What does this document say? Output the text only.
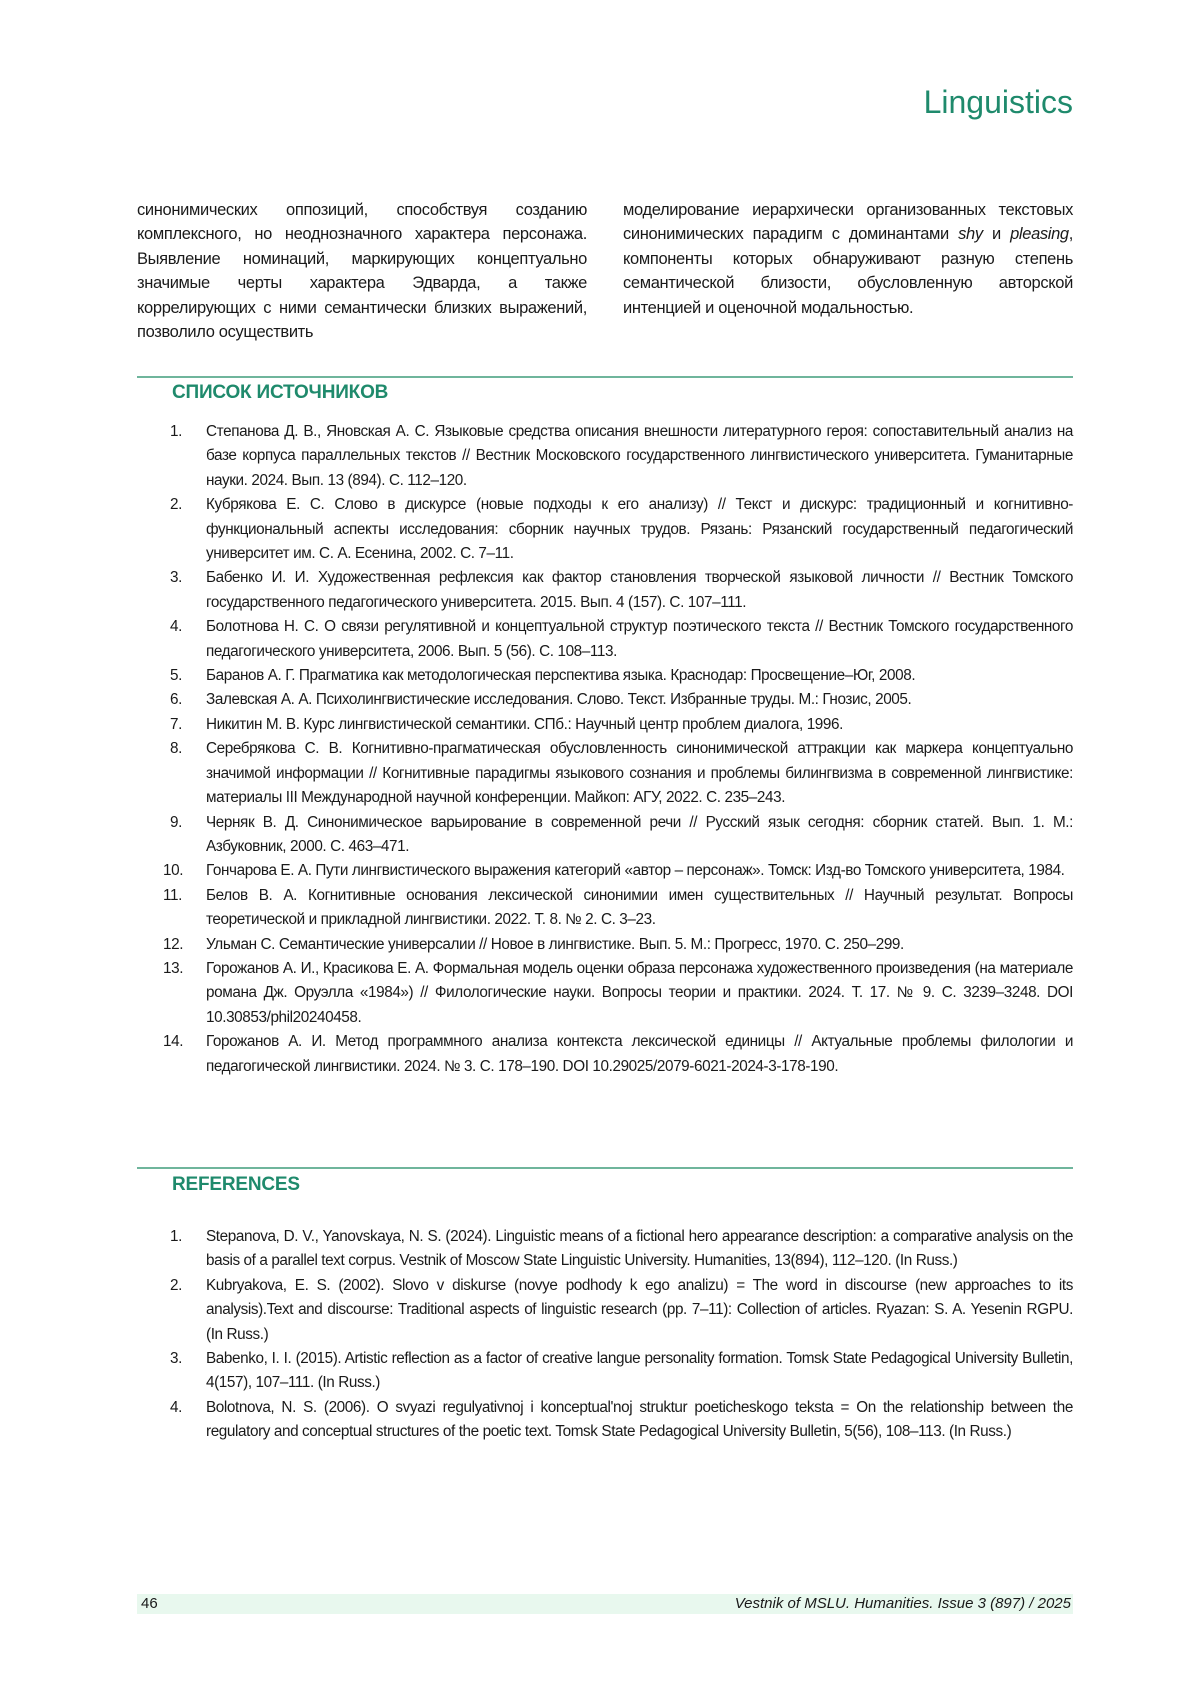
Linguistics
синонимических оппозиций, способствуя созданию комплексного, но неоднозначного характера персонажа. Выявление номинаций, маркирующих концептуально значимые черты характера Эдварда, а также коррелирующих с ними семантически близких выражений, позволило осуществить
моделирование иерархически организованных текстовых синонимических парадигм с доминантами shy и pleasing, компоненты которых обнаруживают разную степень семантической близости, обусловленную авторской интенцией и оценочной модальностью.
СПИСОК ИСТОЧНИКОВ
1.	Степанова Д. В., Яновская А. С. Языковые средства описания внешности литературного героя: сопоставительный анализ на базе корпуса параллельных текстов // Вестник Московского государственного лингвистического университета. Гуманитарные науки. 2024. Вып. 13 (894). С. 112–120.
2.	Кубрякова Е. С. Слово в дискурсе (новые подходы к его анализу) // Текст и дискурс: традиционный и когнитивно-функциональный аспекты исследования: сборник научных трудов. Рязань: Рязанский государственный педагогический университет им. С. А. Есенина, 2002. С. 7–11.
3.	Бабенко И. И. Художественная рефлексия как фактор становления творческой языковой личности // Вестник Томского государственного педагогического университета. 2015. Вып. 4 (157). С. 107–111.
4.	Болотнова Н. С. О связи регулятивной и концептуальной структур поэтического текста // Вестник Томского государственного педагогического университета, 2006. Вып. 5 (56). С. 108–113.
5.	Баранов А. Г. Прагматика как методологическая перспектива языка. Краснодар: Просвещение–Юг, 2008.
6.	Залевская А. А. Психолингвистические исследования. Слово. Текст. Избранные труды. М.: Гнозис, 2005.
7.	Никитин М. В. Курс лингвистической семантики. СПб.: Научный центр проблем диалога, 1996.
8.	Серебрякова С. В. Когнитивно-прагматическая обусловленность синонимической аттракции как маркера концептуально значимой информации // Когнитивные парадигмы языкового сознания и проблемы билингвизма в современной лингвистике: материалы III Международной научной конференции. Майкоп: АГУ, 2022. С. 235–243.
9.	Черняк В. Д. Синонимическое варьирование в современной речи // Русский язык сегодня: сборник статей. Вып. 1. М.: Азбуковник, 2000. С. 463–471.
10.	Гончарова Е. А. Пути лингвистического выражения категорий «автор – персонаж». Томск: Изд-во Томского университета, 1984.
11.	Белов В. А. Когнитивные основания лексической синонимии имен существительных // Научный результат. Вопросы теоретической и прикладной лингвистики. 2022. Т. 8. № 2. С. 3–23.
12.	Ульман С. Семантические универсалии // Новое в лингвистике. Вып. 5. М.: Прогресс, 1970. С. 250–299.
13.	Горожанов А. И., Красикова Е. А. Формальная модель оценки образа персонажа художественного произведения (на материале романа Дж. Оруэлла «1984») // Филологические науки. Вопросы теории и практики. 2024. Т. 17. № 9. С. 3239–3248. DOI 10.30853/phil20240458.
14.	Горожанов А. И. Метод программного анализа контекста лексической единицы // Актуальные проблемы филологии и педагогической лингвистики. 2024. № 3. С. 178–190. DOI 10.29025/2079-6021-2024-3-178-190.
REFERENCES
1.	Stepanova, D. V., Yanovskaya, N. S. (2024). Linguistic means of a fictional hero appearance description: a comparative analysis on the basis of a parallel text corpus. Vestnik of Moscow State Linguistic University. Humanities, 13(894), 112–120. (In Russ.)
2.	Kubryakova, E. S. (2002). Slovo v diskurse (novye podhody k ego analizu) = The word in discourse (new approaches to its analysis).Text and discourse: Traditional aspects of linguistic research (pp. 7–11): Collection of articles. Ryazan: S. A. Yesenin RGPU. (In Russ.)
3.	Babenko, I. I. (2015). Artistic reflection as a factor of creative langue personality formation. Tomsk State Pedagogical University Bulletin, 4(157), 107–111. (In Russ.)
4.	Bolotnova, N. S. (2006). O svyazi regulyativnoj i konceptual'noj struktur poeticheskogo teksta = On the relationship between the regulatory and conceptual structures of the poetic text. Tomsk State Pedagogical University Bulletin, 5(56), 108–113. (In Russ.)
46	Vestnik of MSLU. Humanities. Issue 3 (897) / 2025
